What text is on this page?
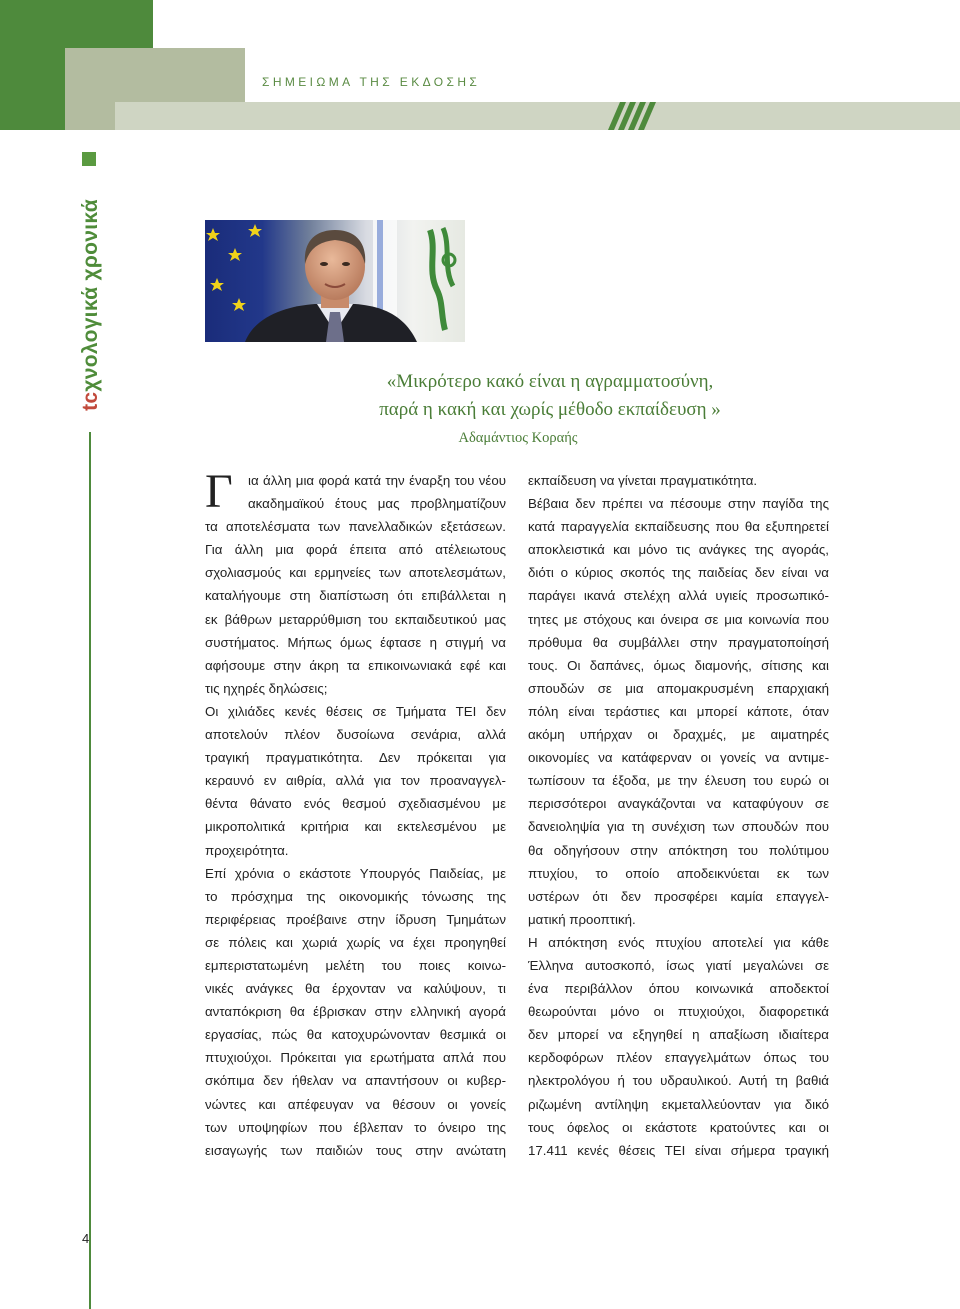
ΣΗΜΕΙΩΜΑ ΤΗΣ ΕΚΔΟΣΗΣ
tcχνολογικά χρονικά
4
«Μικρότερο κακό είναι η αγραμματοσύνη,
παρά η κακή και χωρίς μέθοδο εκπαίδευση »
Αδαμάντιος Κοραής
Γ	ια άλλη μια φορά κατά την έναρξη του νέου
ακαδημαϊκού έτους μας προβληματίζουν
τα αποτελέσματα των πανελλαδικών εξετάσεων.
Για άλλη μια φορά έπειτα από ατέλειωτους
σχολιασμούς και ερμηνείες των αποτελεσμάτων,
καταλήγουμε στη διαπίστωση ότι επιβάλλεται η
εκ βάθρων μεταρρύθμιση του εκπαιδευτικού μας
συστήματος. Μήπως όμως έφτασε η στιγμή να
αφήσουμε στην άκρη τα επικοινωνιακά εφέ και
τις ηχηρές δηλώσεις;
Οι χιλιάδες κενές θέσεις σε Τμήματα ΤΕΙ δεν
αποτελούν πλέον δυσοίωνα σενάρια, αλλά
τραγική πραγματικότητα. Δεν πρόκειται για
κεραυνό εν αιθρία, αλλά για τον προαναγγελ-
θέντα θάνατο ενός θεσμού σχεδιασμένου με
μικροπολιτικά κριτήρια και εκτελεσμένου με
προχειρότητα.
Επί χρόνια ο εκάστοτε Υπουργός Παιδείας, με
το πρόσχημα της οικονομικής τόνωσης της
περιφέρειας προέβαινε στην ίδρυση Τμημάτων
σε πόλεις και χωριά χωρίς να έχει προηγηθεί
εμπεριστατωμένη μελέτη του ποιες κοινω-
νικές ανάγκες θα έρχονταν να καλύψουν, τι
ανταπόκριση θα έβρισκαν στην ελληνική αγορά
εργασίας, πώς θα κατοχυρώνονταν θεσμικά οι
πτυχιούχοι. Πρόκειται για ερωτήματα απλά που
σκόπιμα δεν ήθελαν να απαντήσουν οι κυβερ-
νώντες και απέφευγαν να θέσουν οι γονείς
των υποψηφίων που έβλεπαν το όνειρο της
εισαγωγής των παιδιών τους στην ανώτατη
εκπαίδευση να γίνεται πραγματικότητα.
Βέβαια δεν πρέπει να πέσουμε στην παγίδα της
κατά παραγγελία εκπαίδευσης που θα εξυπηρετεί
αποκλειστικά και μόνο τις ανάγκες της αγοράς,
διότι ο κύριος σκοπός της παιδείας δεν είναι να
παράγει ικανά στελέχη αλλά υγιείς προσωπικό-
τητες με στόχους και όνειρα σε μια κοινωνία που
πρόθυμα θα συμβάλλει στην πραγματοποίησή
τους. Οι δαπάνες, όμως διαμονής, σίτισης και
σπουδών σε μια απομακρυσμένη επαρχιακή
πόλη είναι τεράστιες και μπορεί κάποτε, όταν
ακόμη υπήρχαν οι δραχμές, με αιματηρές
οικονομίες να κατάφερναν οι γονείς να αντιμε-
τωπίσουν τα έξοδα, με την έλευση του ευρώ οι
περισσότεροι αναγκάζονται να καταφύγουν σε
δανειοληψία για τη συνέχιση των σπουδών που
θα οδηγήσουν στην απόκτηση του πολύτιμου
πτυχίου, το οποίο αποδεικνύεται εκ των
υστέρων ότι δεν προσφέρει καμία επαγγελ-
ματική προοπτική.
Η απόκτηση ενός πτυχίου αποτελεί για κάθε
Έλληνα αυτοσκοπό, ίσως γιατί μεγαλώνει σε
ένα περιβάλλον όπου κοινωνικά αποδεκτοί
θεωρούνται μόνο οι πτυχιούχοι, διαφορετικά
δεν μπορεί να εξηγηθεί η απαξίωση ιδιαίτερα
κερδοφόρων πλέον επαγγελμάτων όπως του
ηλεκτρολόγου ή του υδραυλικού. Αυτή τη βαθιά
ριζωμένη αντίληψη εκμεταλλεύονταν για δικό
τους όφελος οι εκάστοτε κρατούντες και οι
17.411 κενές θέσεις ΤΕΙ είναι σήμερα τραγική
